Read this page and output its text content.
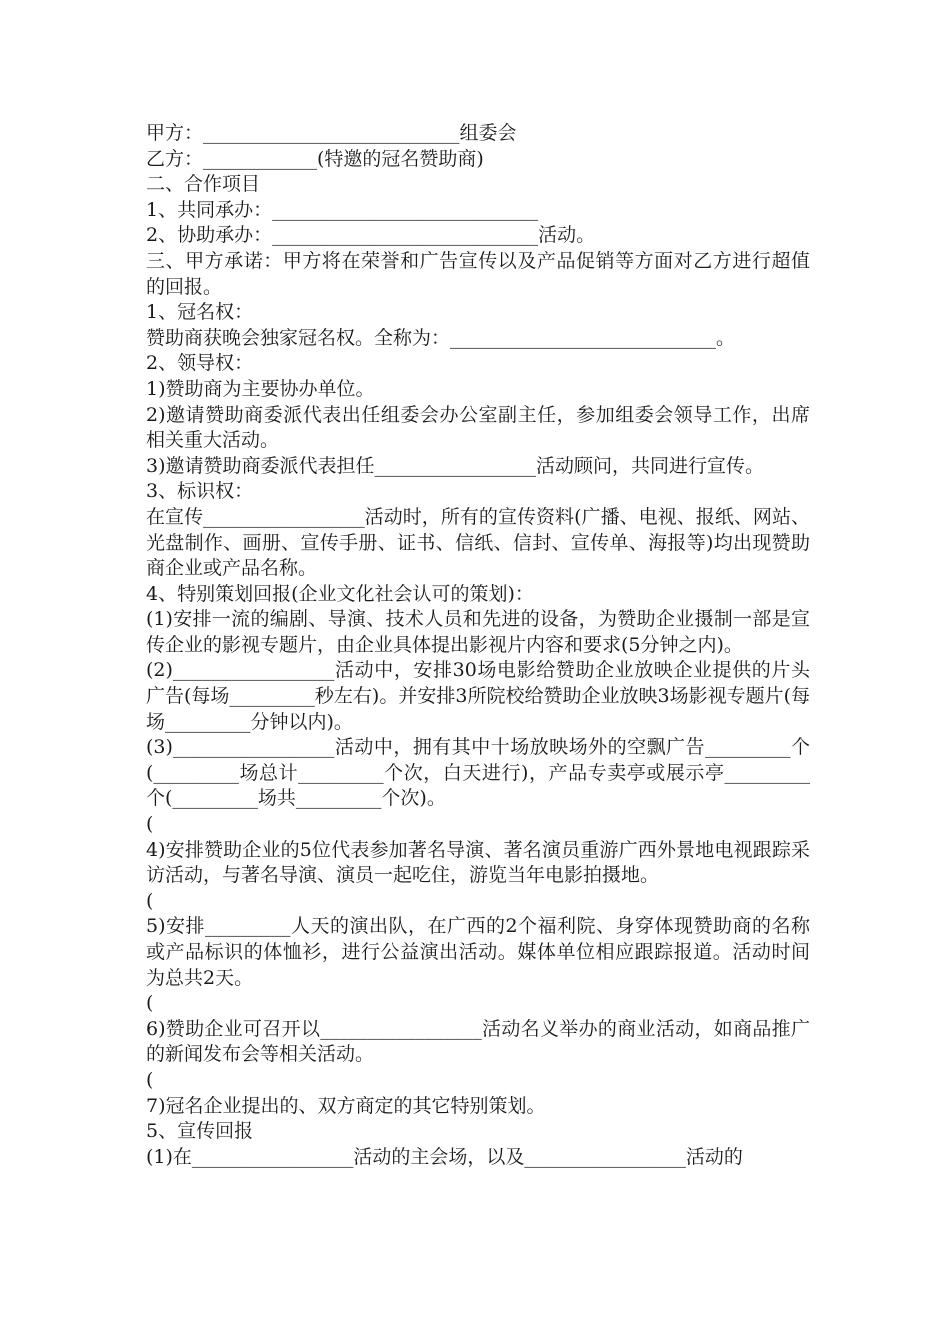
甲方：___________________________组委会

乙方：____________(特邀的冠名赞助商)

二、合作项目

1、共同承办：____________________________

2、协助承办：____________________________活动。

三、甲方承诺：甲方将在荣誉和广告宣传以及产品促销等方面对乙方进行超值的回报。

1、冠名权：

赞助商获晚会独家冠名权。全称为：____________________________。

2、领导权：

1)赞助商为主要协办单位。

2)邀请赞助商委派代表出任组委会办公室副主任，参加组委会领导工作，出席相关重大活动。

3)邀请赞助商委派代表担任_________________活动顾问，共同进行宣传。

3、标识权：

在宣传_________________活动时，所有的宣传资料(广播、电视、报纸、网站、光盘制作、画册、宣传手册、证书、信纸、信封、宣传单、海报等)均出现赞助商企业或产品名称。

4、特别策划回报(企业文化社会认可的策划)：

(1)安排一流的编剧、导演、技术人员和先进的设备，为赞助企业摄制一部是宣传企业的影视专题片，由企业具体提出影视片内容和要求(5分钟之内)。

(2)_________________活动中，安排30场电影给赞助企业放映企业提供的片头广告(每场_________秒左右)。并安排3所院校给赞助企业放映3场影视专题片(每场_________分钟以内)。

(3)_________________活动中，拥有其中十场放映场外的空飘广告_________个(_________场总计_________个次，白天进行)，产品专卖亭或展示亭_________个(_________场共_________个次)。

(

4)安排赞助企业的5位代表参加著名导演、著名演员重游广西外景地电视跟踪采访活动，与著名导演、演员一起吃住，游览当年电影拍摄地。

(

5)安排_________人天的演出队，在广西的2个福利院、身穿体现赞助商的名称或产品标识的体恤衫，进行公益演出活动。媒体单位相应跟踪报道。活动时间为总共2天。

(

6)赞助企业可召开以_________________活动名义举办的商业活动，如商品推广的新闻发布会等相关活动。

(

7)冠名企业提出的、双方商定的其它特别策划。

5、宣传回报

(1)在_________________活动的主会场，以及_________________活动的
